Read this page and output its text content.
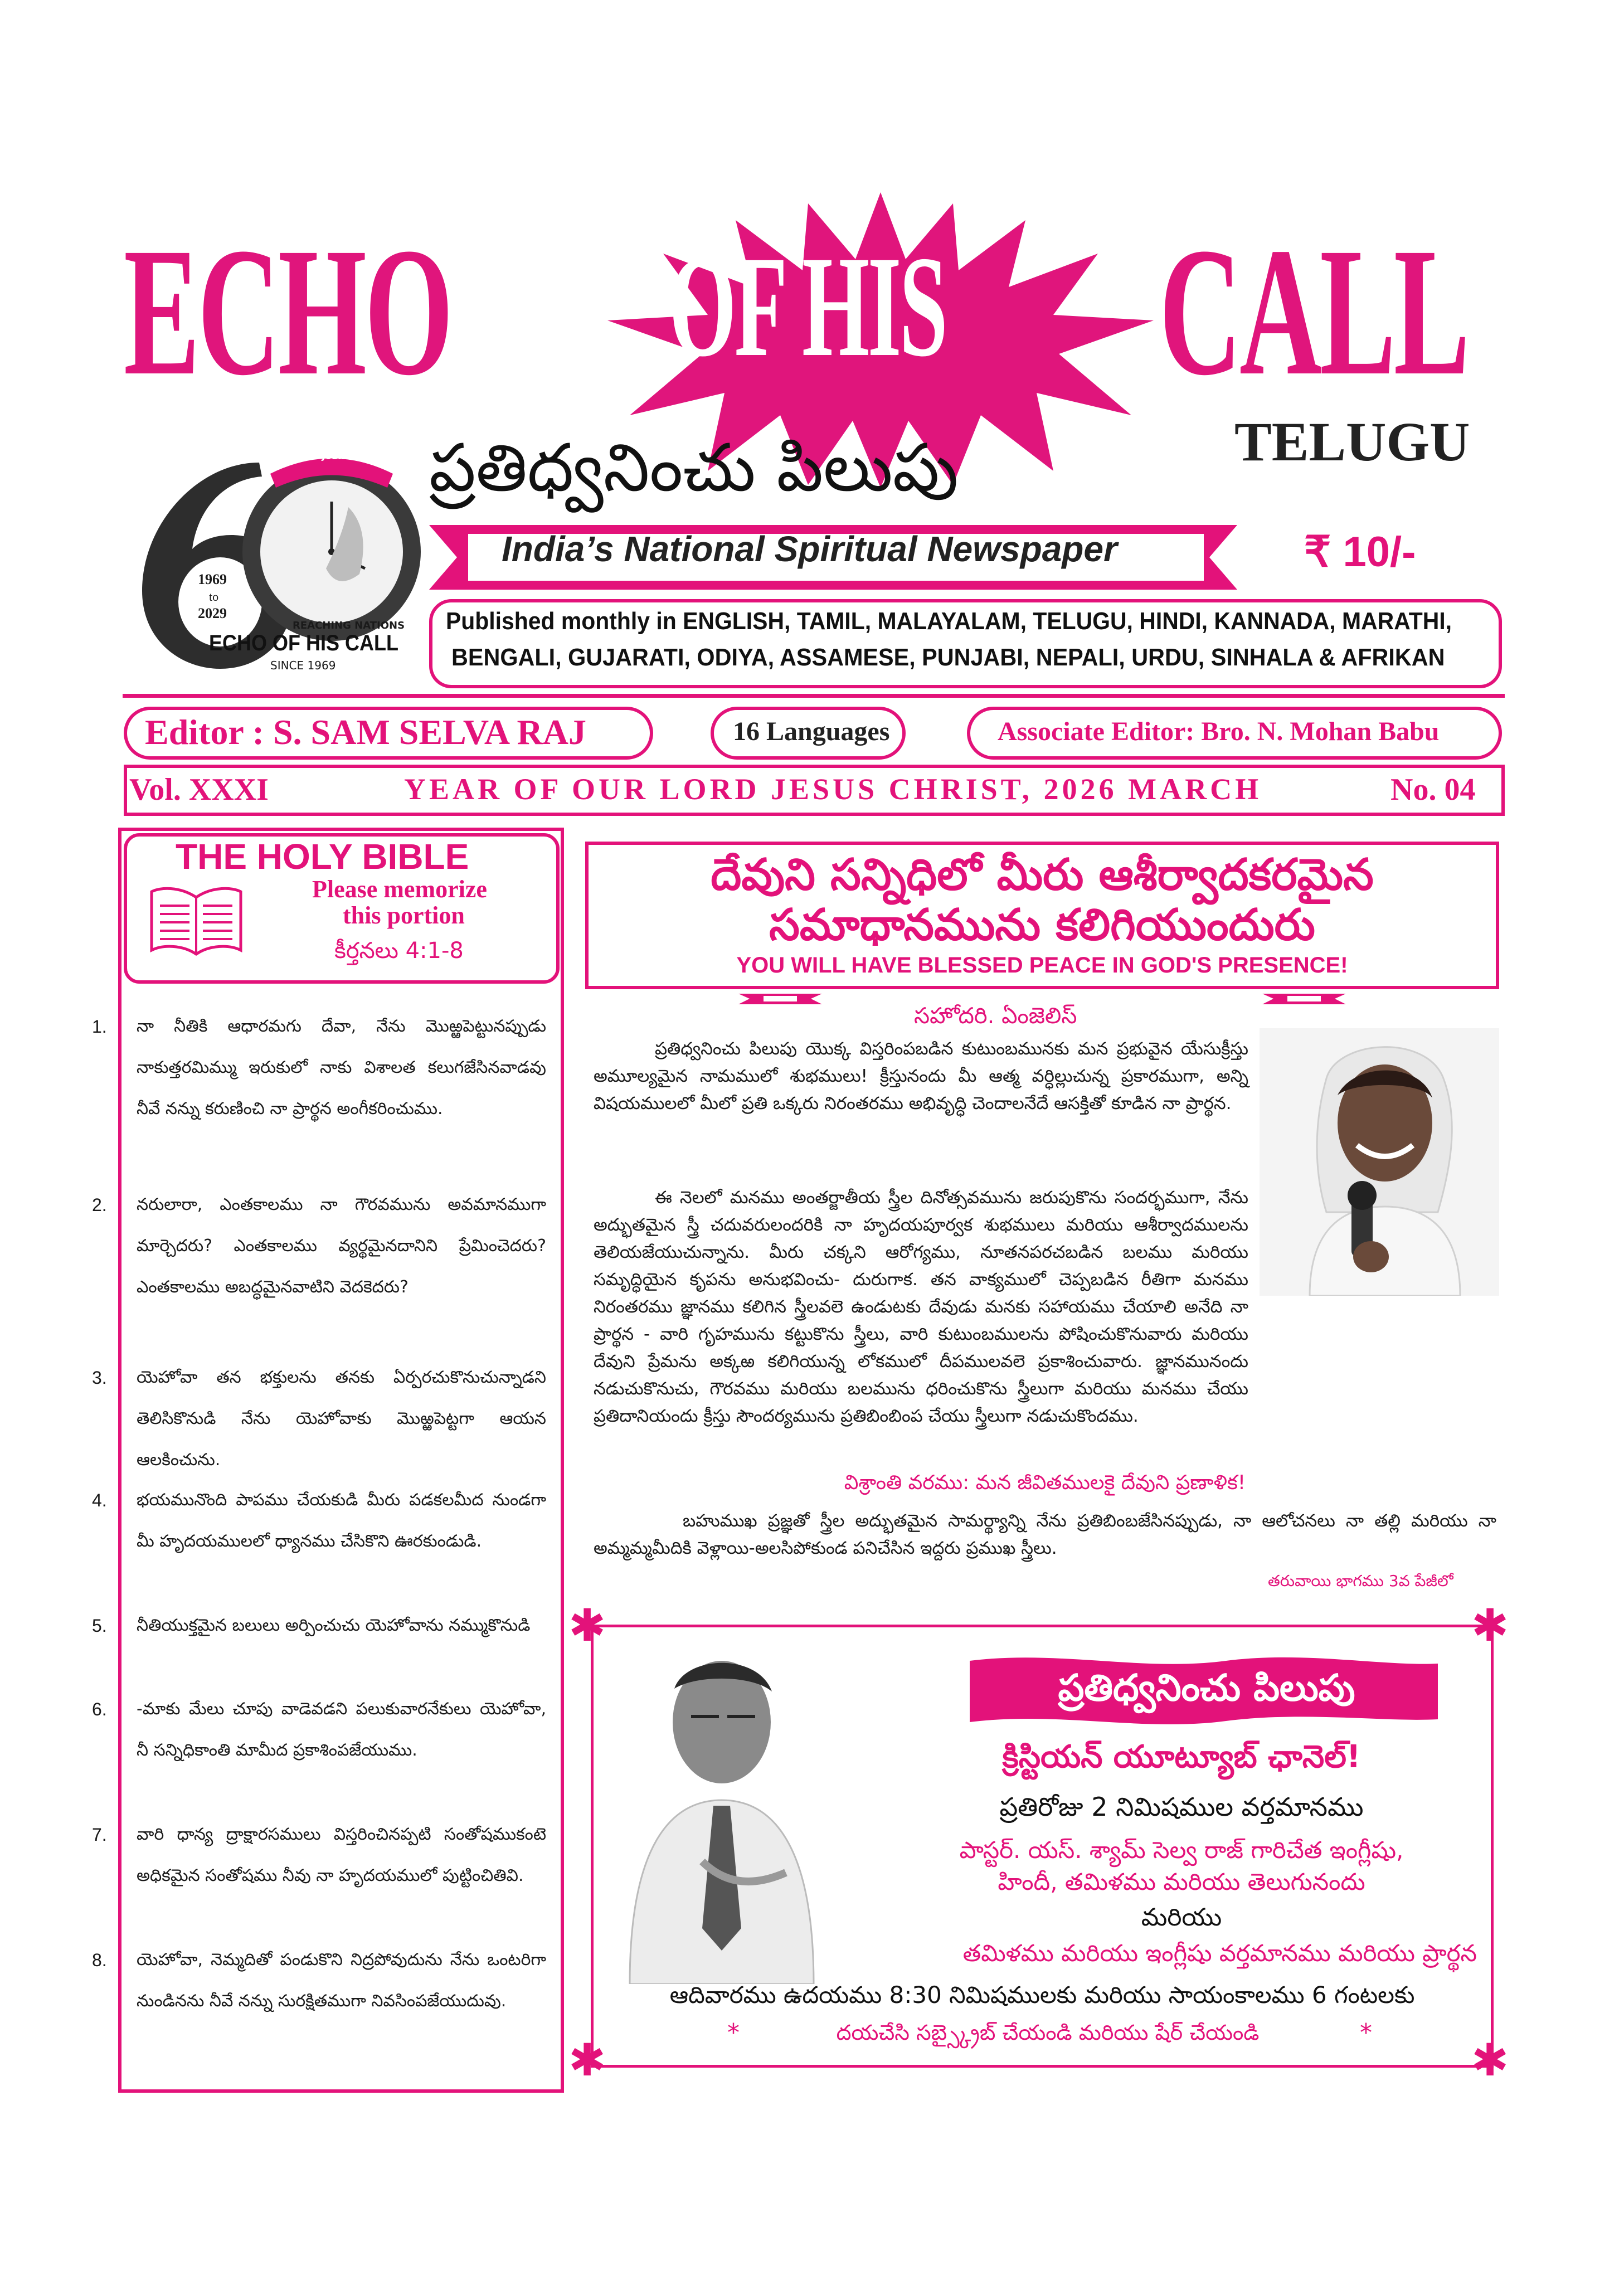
ECHO OF HIS CALL
ప్రతిధ్వనించు పిలుపు	TELUGU
DIAMOND JUBILEE
1969
to
2029
REACHING NATIONS
ECHO OF HIS CALL
SINCE 1969
India’s National Spiritual Newspaper	₹ 10/-
Published monthly in ENGLISH, TAMIL, MALAYALAM, TELUGU, HINDI, KANNADA, MARATHI,
BENGALI, GUJARATI, ODIYA, ASSAMESE, PUNJABI, NEPALI, URDU, SINHALA & AFRIKAN
Editor : S. SAM SELVA RAJ	16 Languages	Associate Editor: Bro. N. Mohan Babu
Vol. XXXI	YEAR OF OUR LORD JESUS CHRIST, 2026 MARCH	No. 04
THE HOLY BIBLE
Please memorize
this portion
కీర్తనలు 4:1-8
1. నా నీతికి ఆధారమగు దేవా, నేను మొఱ్ఱపెట్టునప్పుడు నాకుత్తరమిమ్ము ఇరుకులో నాకు విశాలత కలుగజేసినవాడవు నీవే నన్ను కరుణించి నా ప్రార్థన అంగీకరించుము.
2. నరులారా, ఎంతకాలము నా గౌరవమును అవమానముగా మార్చెదరు? ఎంతకాలము వ్యర్థమైనదానిని ప్రేమించెదరు? ఎంతకాలము అబద్ధమైనవాటిని వెదకెదరు?
3. యెహోవా తన భక్తులను తనకు ఏర్పరచుకొనుచున్నాడని తెలిసికొనుడి నేను యెహోవాకు మొఱ్ఱపెట్టగా ఆయన ఆలకించును.
4. భయమునొంది పాపము చేయకుడి మీరు పడకలమీద నుండగా మీ హృదయములలో ధ్యానము చేసికొని ఊరకుండుడి.
5. నీతియుక్తమైన బలులు అర్పించుచు యెహోవాను నమ్ముకొనుడి
6. -మాకు మేలు చూపు వాడెవడని పలుకువారనేకులు యెహోవా, నీ సన్నిధికాంతి మామీద ప్రకాశింపజేయుము.
7. వారి ధాన్య ద్రాక్షారసములు విస్తరించినప్పటి సంతోషముకంటె అధికమైన సంతోషము నీవు నా హృదయములో పుట్టించితివి.
8. యెహోవా, నెమ్మదితో పండుకొని నిద్రపోవుదును నేను ఒంటరిగా నుండినను నీవే నన్ను సురక్షితముగా నివసింపజేయుదువు.
దేవుని సన్నిధిలో మీరు ఆశీర్వాదకరమైన
సమాధానమును కలిగియుందురు
YOU WILL HAVE BLESSED PEACE IN GOD'S PRESENCE!
సహోదరి. ఏంజెలిస్

ప్రతిధ్వనించు పిలుపు యొక్క విస్తరింపబడిన కుటుంబమునకు మన ప్రభువైన యేసుక్రీస్తు అమూల్యమైన నామములో శుభములు! క్రీస్తునందు మీ ఆత్మ వర్ధిల్లుచున్న ప్రకారముగా, అన్ని విషయములలో మీలో ప్రతి ఒక్కరు నిరంతరము అభివృద్ధి చెందాలనేదే ఆసక్తితో కూడిన నా ప్రార్థన.

ఈ నెలలో మనము అంతర్జాతీయ స్త్రీల దినోత్సవమును జరుపుకొను సందర్భముగా, నేను అద్భుతమైన స్త్రీ చదువరులందరికి నా హృదయపూర్వక శుభములు మరియు ఆశీర్వాదములను తెలియజేయుచున్నాను. మీరు చక్కని ఆరోగ్యము, నూతనపరచబడిన బలము మరియు సమృద్ధియైన కృపను అనుభవించు- దురుగాక. తన వాక్యములో చెప్పబడిన రీతిగా మనము నిరంతరము జ్ఞానము కలిగిన స్త్రీలవలె ఉండుటకు దేవుడు మనకు సహాయము చేయాలి అనేది నా ప్రార్థన - వారి గృహమును కట్టుకొను స్త్రీలు, వారి కుటుంబములను పోషించుకొనువారు మరియు దేవుని ప్రేమను అక్కఱ కలిగియున్న లోకములో దీపములవలె ప్రకాశించువారు. జ్ఞానమునందు నడుచుకొనుచు, గౌరవము మరియు బలమును ధరించుకొను స్త్రీలుగా మరియు మనము చేయు ప్రతిదానియందు క్రీస్తు సౌందర్యమును ప్రతిబింబింప చేయు స్త్రీలుగా నడుచుకొందము.

విశ్రాంతి వరము: మన జీవితములకై దేవుని ప్రణాళిక!

బహుముఖ ప్రజ్ఞతో స్త్రీల అద్భుతమైన సామర్థ్యాన్ని నేను ప్రతిబింబజేసినప్పుడు, నా ఆలోచనలు నా తల్లి మరియు నా అమ్మమ్మమీదికి వెళ్లాయి-అలసిపోకుండ పనిచేసిన ఇద్దరు ప్రముఖ స్త్రీలు.

తరువాయి భాగము 3వ పేజీలో
✱	✱
✱	✱
ప్రతిధ్వనించు పిలుపు
క్రిస్టియన్ యూట్యూబ్ ఛానెల్!
ప్రతిరోజు 2 నిమిషముల వర్తమానము
పాస్టర్. యస్. శ్యామ్ సెల్వ రాజ్ గారిచేత ఇంగ్లీషు,
హిందీ, తమిళము మరియు తెలుగునందు
మరియు
తమిళము మరియు ఇంగ్లీషు వర్తమానము మరియు ప్రార్థన
ఆదివారము ఉదయము 8:30 నిమిషములకు మరియు సాయంకాలము 6 గంటలకు
*	దయచేసి సబ్స్క్రైబ్ చేయండి మరియు షేర్ చేయండి	*
